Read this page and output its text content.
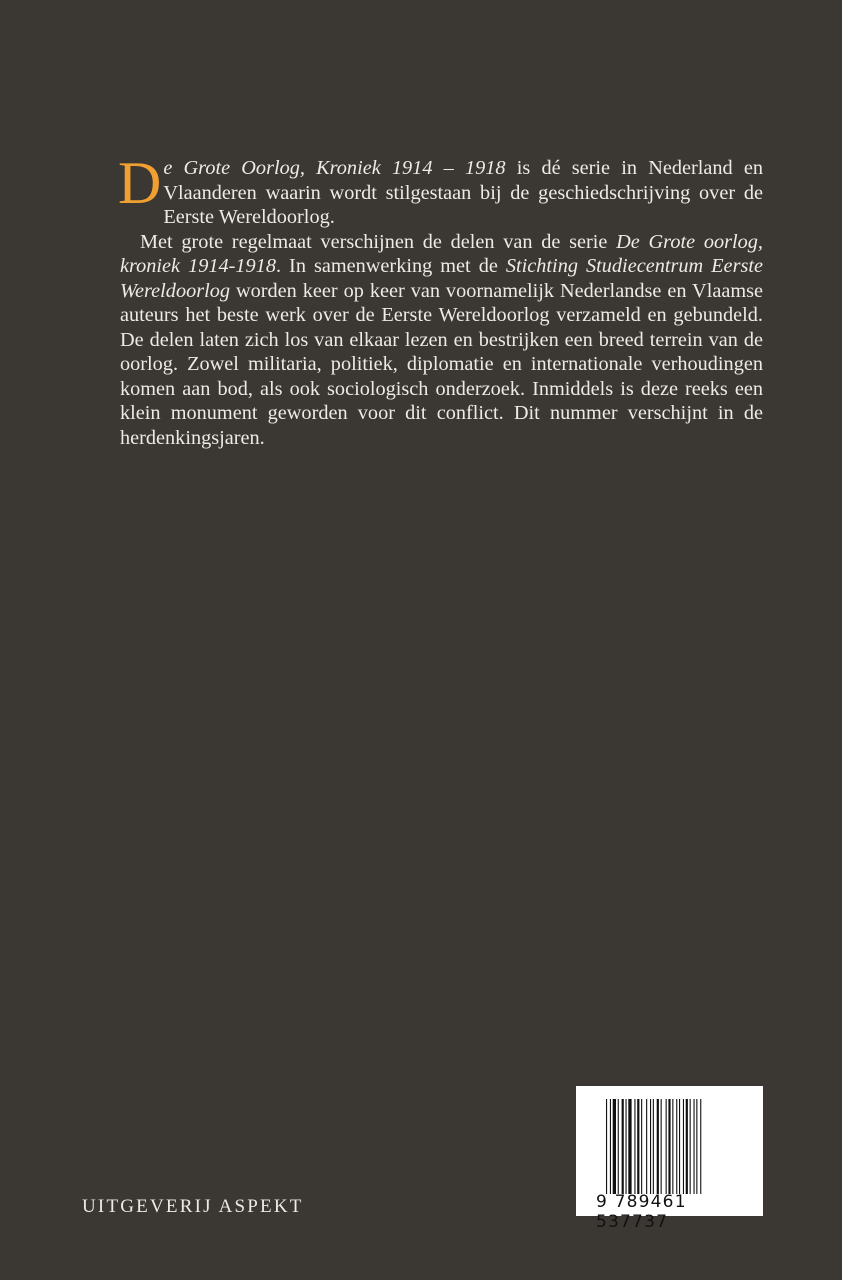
De Grote Oorlog, Kroniek 1914 – 1918 is dé serie in Nederland en Vlaanderen waarin wordt stilgestaan bij de geschiedschrijving over de Eerste Wereldoorlog.

Met grote regelmaat verschijnen de delen van de serie De Grote oorlog, kroniek 1914-1918. In samenwerking met de Stichting Studiecentrum Eerste Wereldoorlog worden keer op keer van voornamelijk Nederlandse en Vlaamse auteurs het beste werk over de Eerste Wereldoorlog verzameld en gebundeld. De delen laten zich los van elkaar lezen en bestrijken een breed terrein van de oorlog. Zowel militaria, politiek, diplomatie en internationale verhoudingen komen aan bod, als ook sociologisch onderzoek. Inmiddels is deze reeks een klein monument geworden voor dit conflict. Dit nummer verschijnt in de herdenkingsjaren.

UITGEVERIJ ASPEKT	9 789461 537737
